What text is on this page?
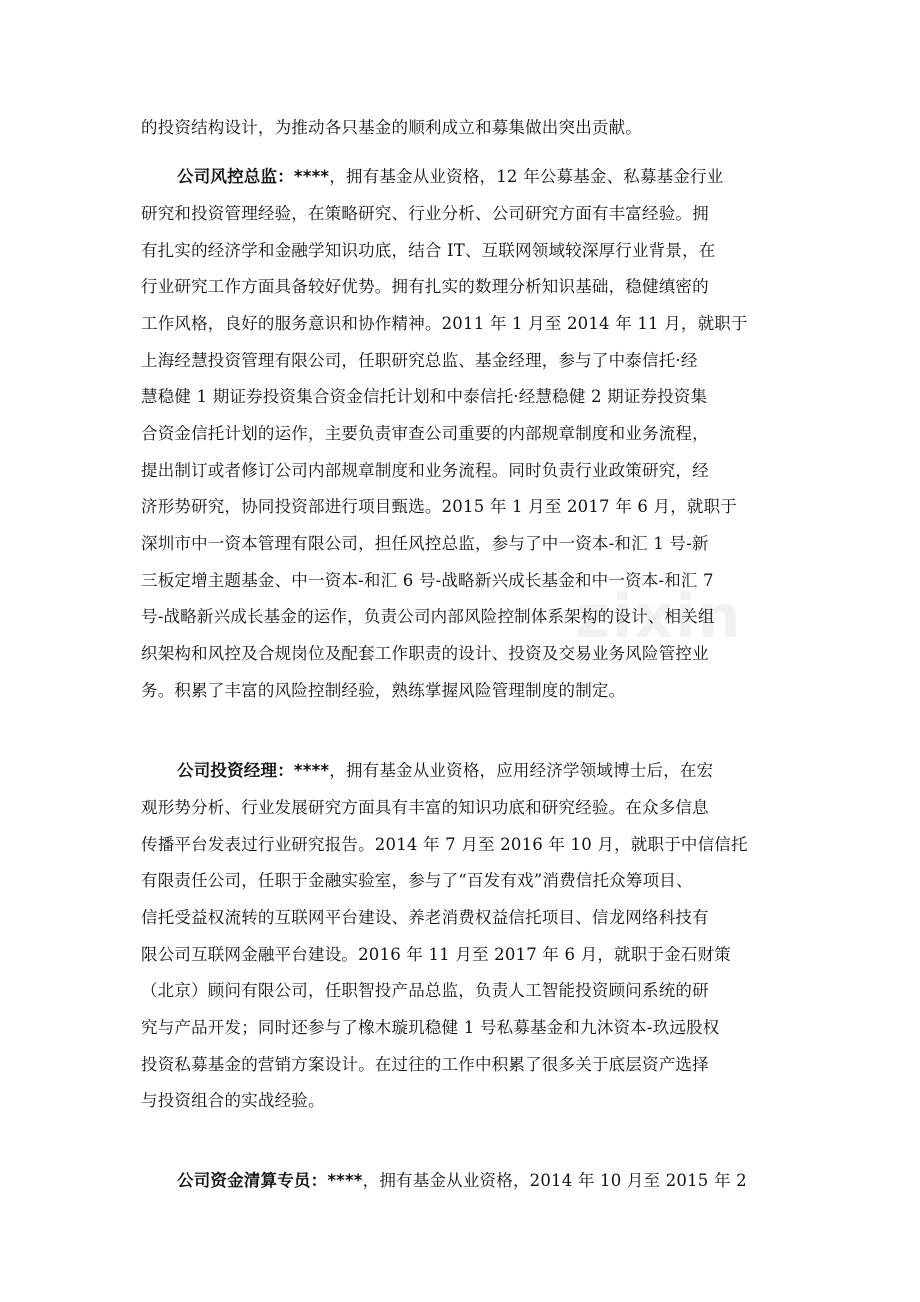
的投资结构设计，为推动各只基金的顺利成立和募集做出突出贡献。
公司风控总监：****，拥有基金从业资格，12 年公募基金、私募基金行业
研究和投资管理经验，在策略研究、行业分析、公司研究方面有丰富经验。拥
有扎实的经济学和金融学知识功底，结合 IT、互联网领域较深厚行业背景，在
行业研究工作方面具备较好优势。拥有扎实的数理分析知识基础，稳健缜密的
工作风格，良好的服务意识和协作精神。2011 年 1 月至 2014 年 11 月，就职于
上海经慧投资管理有限公司，任职研究总监、基金经理，参与了中泰信托·经
慧稳健 1 期证券投资集合资金信托计划和中泰信托·经慧稳健 2 期证券投资集
合资金信托计划的运作，主要负责审查公司重要的内部规章制度和业务流程，
提出制订或者修订公司内部规章制度和业务流程。同时负责行业政策研究，经
济形势研究，协同投资部进行项目甄选。2015 年 1 月至 2017 年 6 月，就职于
深圳市中一资本管理有限公司，担任风控总监，参与了中一资本-和汇 1 号-新
三板定增主题基金、中一资本-和汇 6 号-战略新兴成长基金和中一资本-和汇 7
号-战略新兴成长基金的运作，负责公司内部风险控制体系架构的设计、相关组
织架构和风控及合规岗位及配套工作职责的设计、投资及交易业务风险管控业
务。积累了丰富的风险控制经验，熟练掌握风险管理制度的制定。
公司投资经理：****，拥有基金从业资格，应用经济学领域博士后，在宏
观形势分析、行业发展研究方面具有丰富的知识功底和研究经验。在众多信息
传播平台发表过行业研究报告。2014 年 7 月至 2016 年 10 月，就职于中信信托
有限责任公司，任职于金融实验室，参与了“百发有戏”消费信托众筹项目、
信托受益权流转的互联网平台建设、养老消费权益信托项目、信龙网络科技有
限公司互联网金融平台建设。2016 年 11 月至 2017 年 6 月，就职于金石财策
（北京）顾问有限公司，任职智投产品总监，负责人工智能投资顾问系统的研
究与产品开发；同时还参与了橡木璇玑稳健 1 号私募基金和九沐资本-玖远股权
投资私募基金的营销方案设计。在过往的工作中积累了很多关于底层资产选择
与投资组合的实战经验。
公司资金清算专员：****，拥有基金从业资格，2014 年 10 月至 2015 年 2
zixin
